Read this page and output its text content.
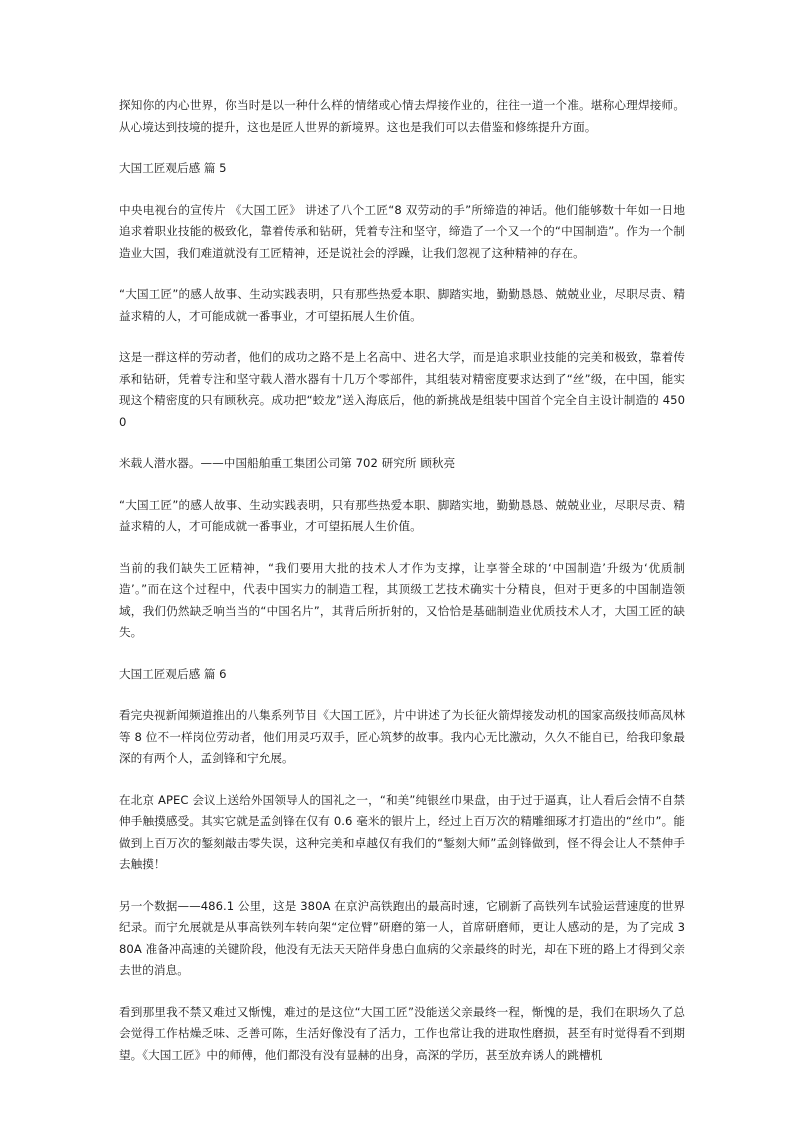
探知你的内心世界，你当时是以一种什么样的情绪或心情去焊接作业的，往往一道一个准。堪称心理焊接师。从心境达到技境的提升，这也是匠人世界的新境界。这也是我们可以去借鉴和修练提升方面。

大国工匠观后感 篇 5

中央电视台的宣传片 《大国工匠》 讲述了八个工匠“8 双劳动的手”所缔造的神话。他们能够数十年如一日地追求着职业技能的极致化，靠着传承和钻研，凭着专注和坚守，缔造了一个又一个的“中国制造”。作为一个制造业大国，我们难道就没有工匠精神，还是说社会的浮躁，让我们忽视了这种精神的存在。

“大国工匠”的感人故事、生动实践表明，只有那些热爱本职、脚踏实地，勤勤恳恳、兢兢业业，尽职尽责、精益求精的人，才可能成就一番事业，才可望拓展人生价值。

这是一群这样的劳动者，他们的成功之路不是上名高中、进名大学，而是追求职业技能的完美和极致，靠着传承和钻研，凭着专注和坚守载人潜水器有十几万个零部件，其组装对精密度要求达到了“丝”级，在中国，能实现这个精密度的只有顾秋亮。成功把“蛟龙”送入海底后，他的新挑战是组装中国首个完全自主设计制造的 4500

米载人潜水器。——中国船舶重工集团公司第 702 研究所 顾秋亮

“大国工匠”的感人故事、生动实践表明，只有那些热爱本职、脚踏实地，勤勤恳恳、兢兢业业，尽职尽责、精益求精的人，才可能成就一番事业，才可望拓展人生价值。

当前的我们缺失工匠精神，“我们要用大批的技术人才作为支撑，让享誉全球的‘中国制造’升级为‘优质制造’。”而在这个过程中，代表中国实力的制造工程，其顶级工艺技术确实十分精良，但对于更多的中国制造领域，我们仍然缺乏响当当的“中国名片”，其背后所折射的，又恰恰是基础制造业优质技术人才，大国工匠的缺失。

大国工匠观后感 篇 6

看完央视新闻频道推出的八集系列节目《大国工匠》，片中讲述了为长征火箭焊接发动机的国家高级技师高凤林等 8 位不一样岗位劳动者，他们用灵巧双手，匠心筑梦的故事。我内心无比激动，久久不能自已，给我印象最深的有两个人，孟剑锋和宁允展。

在北京 APEC 会议上送给外国领导人的国礼之一，“和美”纯银丝巾果盘，由于过于逼真，让人看后会情不自禁伸手触摸感受。其实它就是孟剑锋在仅有 0.6 毫米的银片上，经过上百万次的精雕细琢才打造出的“丝巾”。能做到上百万次的錾刻敲击零失误，这种完美和卓越仅有我们的“錾刻大师”孟剑锋做到，怪不得会让人不禁伸手去触摸！

另一个数据——486.1 公里，这是 380A 在京沪高铁跑出的最高时速，它刷新了高铁列车试验运营速度的世界纪录。而宁允展就是从事高铁列车转向架“定位臂”研磨的第一人，首席研磨师，更让人感动的是，为了完成 380A 准备冲高速的关键阶段，他没有无法天天陪伴身患白血病的父亲最终的时光，却在下班的路上才得到父亲去世的消息。

看到那里我不禁又难过又惭愧，难过的是这位“大国工匠”没能送父亲最终一程，惭愧的是，我们在职场久了总会觉得工作枯燥乏味、乏善可陈，生活好像没有了活力，工作也常让我的进取性磨损，甚至有时觉得看不到期望。《大国工匠》中的师傅，他们都没有没有显赫的出身，高深的学历，甚至放弃诱人的跳槽机
